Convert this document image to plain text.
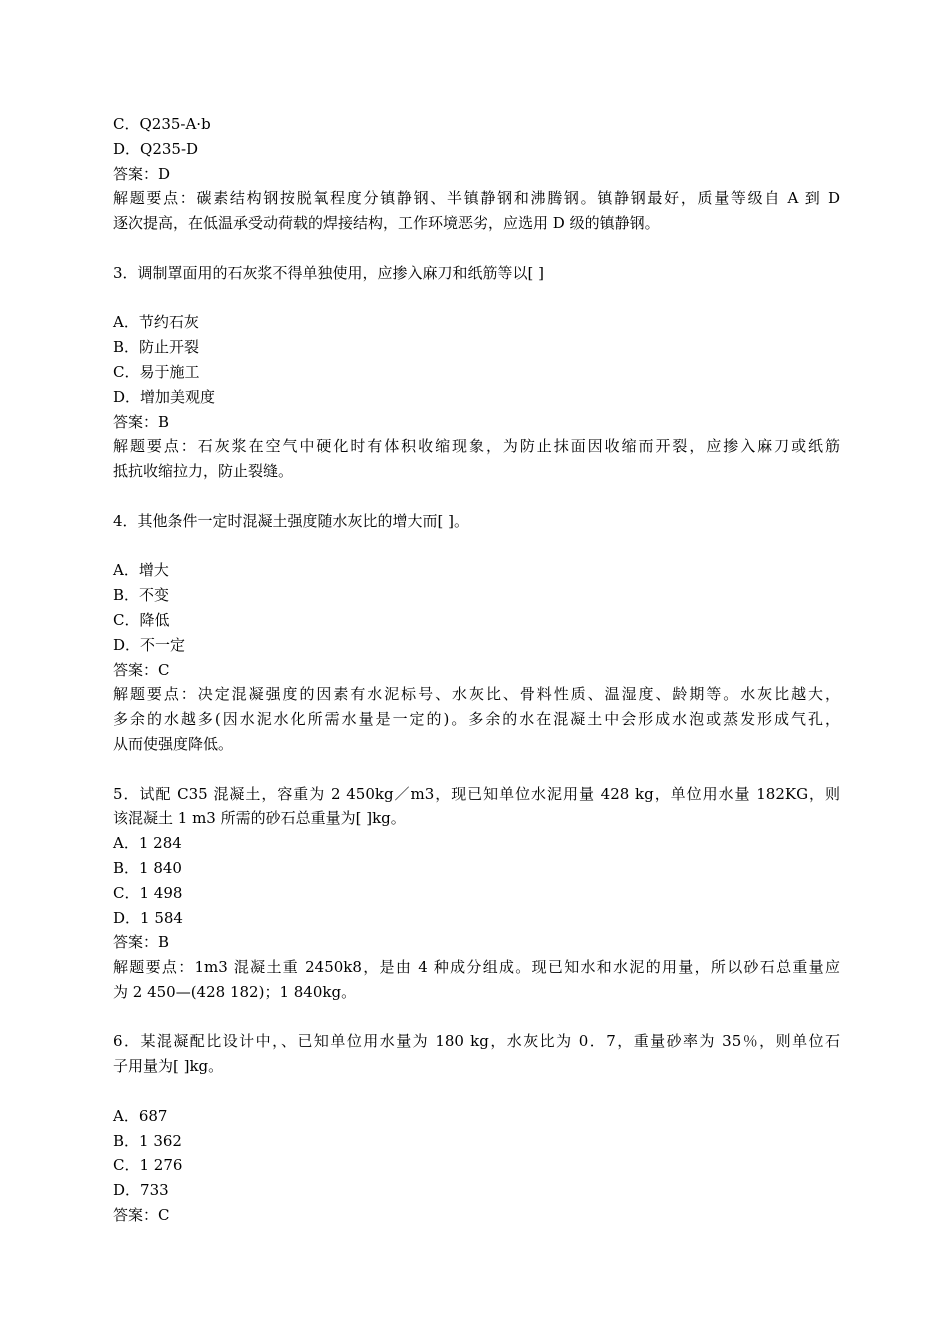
C．Q235-A·b
D．Q235-D
答案：D
解题要点：碳素结构钢按脱氧程度分镇静钢、半镇静钢和沸腾钢。镇静钢最好，质量等级自 A 到 D
逐次提高，在低温承受动荷载的焊接结构，工作环境恶劣，应选用 D 级的镇静钢。
3．调制罩面用的石灰浆不得单独使用，应掺入麻刀和纸筋等以[ ]
A．节约石灰
B．防止开裂
C．易于施工
D．增加美观度
答案：B
解题要点：石灰浆在空气中硬化时有体积收缩现象，为防止抹面因收缩而开裂，应掺入麻刀或纸筋
抵抗收缩拉力，防止裂缝。
4．其他条件一定时混凝土强度随水灰比的增大而[ ]。
A．增大
B．不变
C．降低
D．不一定
答案：C
解题要点：决定混凝强度的因素有水泥标号、水灰比、骨料性质、温湿度、龄期等。水灰比越大，
多余的水越多(因水泥水化所需水量是一定的)。多余的水在混凝土中会形成水泡或蒸发形成气孔，
从而使强度降低。
5．试配 C35 混凝土，容重为 2 450kg／m3，现已知单位水泥用量 428 kg，单位用水量 182KG，则
该混凝土 1 m3 所需的砂石总重量为[ ]kg。
A．1 284
B．1 840
C．1 498
D．1 584
答案：B
解题要点：1m3 混凝土重 2450k8，是由 4 种成分组成。现已知水和水泥的用量，所以砂石总重量应
为 2 450—(428 182)；1 840kg。
6．某混凝配比设计中，、已知单位用水量为 180 kg，水灰比为 0．7，重量砂率为 35％，则单位石
子用量为[ ]kg。
A．687
B．1 362
C．1 276
D．733
答案：C
